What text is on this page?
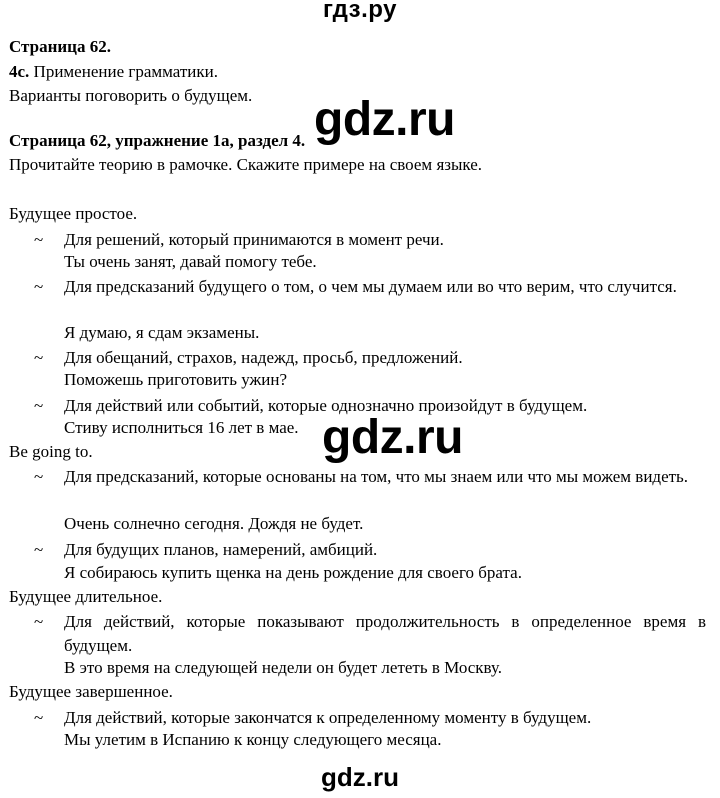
гдз.ру
Страница 62.
4c. Применение грамматики.
Варианты поговорить о будущем.
Страница 62, упражнение 1a, раздел 4.
Прочитайте теорию в рамочке. Скажите примере на своем языке.
gdz.ru
Будущее простое.
~ Для решений, который принимаются в момент речи.
Ты очень занят, давай помогу тебе.
~ Для предсказаний будущего о том, о чем мы думаем или во что верим, что случится.
Я думаю, я сдам экзамены.
~ Для обещаний, страхов, надежд, просьб, предложений.
Поможешь приготовить ужин?
~ Для действий или событий, которые однозначно произойдут в будущем.
Стиву исполниться 16 лет в мае. gdz.ru
Be going to.
~ Для предсказаний, которые основаны на том, что мы знаем или что мы можем видеть.
Очень солнечно сегодня. Дождя не будет.
~ Для будущих планов, намерений, амбиций.
Я собираюсь купить щенка на день рождение для своего брата.
Будущее длительное.
~ Для действий, которые показывают продолжительность в определенное время в будущем.
В это время на следующей недели он будет лететь в Москву.
Будущее завершенное.
~ Для действий, которые закончатся к определенному моменту в будущем.
Мы улетим в Испанию к концу следующего месяца.
gdz.ru
